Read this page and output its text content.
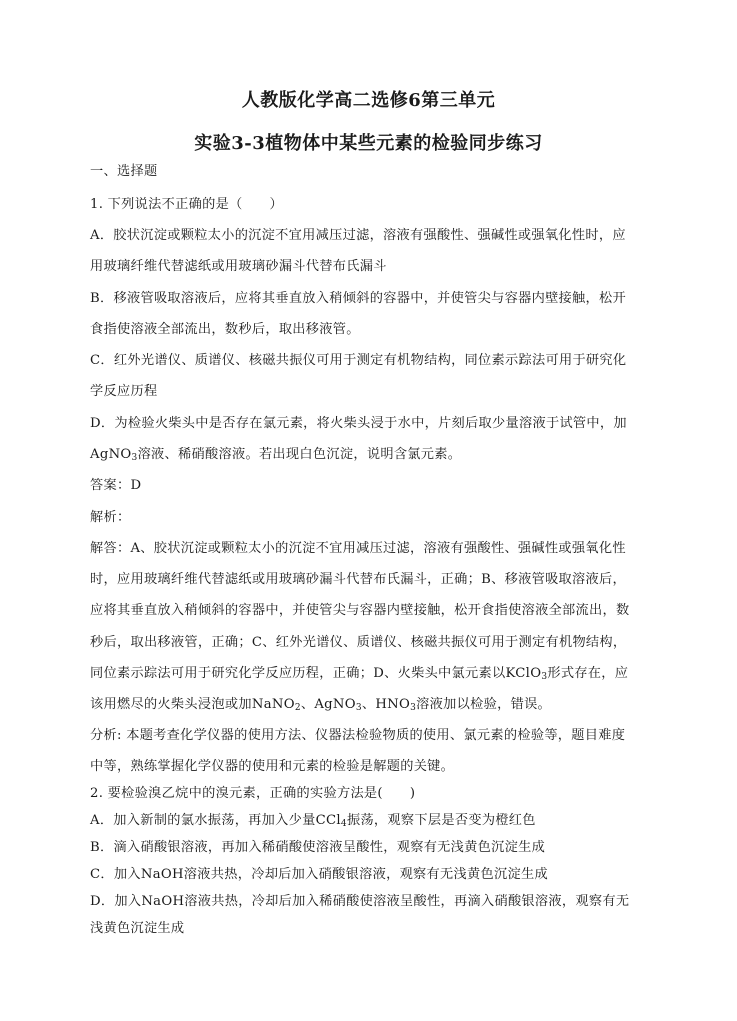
人教版化学高二选修6第三单元
实验3-3植物体中某些元素的检验同步练习
一、选择题
1. 下列说法不正确的是（　　）
A．胶状沉淀或颗粒太小的沉淀不宜用减压过滤，溶液有强酸性、强碱性或强氧化性时，应
用玻璃纤维代替滤纸或用玻璃砂漏斗代替布氏漏斗
B．移液管吸取溶液后，应将其垂直放入稍倾斜的容器中，并使管尖与容器内壁接触，松开
食指使溶液全部流出，数秒后，取出移液管。
C．红外光谱仪、质谱仪、核磁共振仪可用于测定有机物结构，同位素示踪法可用于研究化
学反应历程
D．为检验火柴头中是否存在氯元素，将火柴头浸于水中，片刻后取少量溶液于试管中，加
AgNO$_3$溶液、稀硝酸溶液。若出现白色沉淀，说明含氯元素。
答案：D
解析：
解答：A、胶状沉淀或颗粒太小的沉淀不宜用减压过滤，溶液有强酸性、强碱性或强氧化性
时，应用玻璃纤维代替滤纸或用玻璃砂漏斗代替布氏漏斗，正确；B、移液管吸取溶液后，
应将其垂直放入稍倾斜的容器中，并使管尖与容器内壁接触，松开食指使溶液全部流出，数
秒后，取出移液管，正确；C、红外光谱仪、质谱仪、核磁共振仪可用于测定有机物结构，
同位素示踪法可用于研究化学反应历程，正确；D、火柴头中氯元素以KClO$_3$形式存在，应
该用燃尽的火柴头浸泡或加NaNO$_2$、AgNO$_3$、$HNO_3$溶液加以检验，错误。
分析: 本题考查化学仪器的使用方法、仪器法检验物质的使用、氯元素的检验等，题目难度
中等，熟练掌握化学仪器的使用和元素的检验是解题的关键。
2. 要检验溴乙烷中的溴元素，正确的实验方法是(　　)
A．加入新制的氯水振荡，再加入少量CCl$_4$振荡，观察下层是否变为橙红色
B．滴入硝酸银溶液，再加入稀硝酸使溶液呈酸性，观察有无浅黄色沉淀生成
C．加入NaOH溶液共热，冷却后加入硝酸银溶液，观察有无浅黄色沉淀生成
D．加入NaOH溶液共热，冷却后加入稀硝酸使溶液呈酸性，再滴入硝酸银溶液，观察有无
浅黄色沉淀生成
